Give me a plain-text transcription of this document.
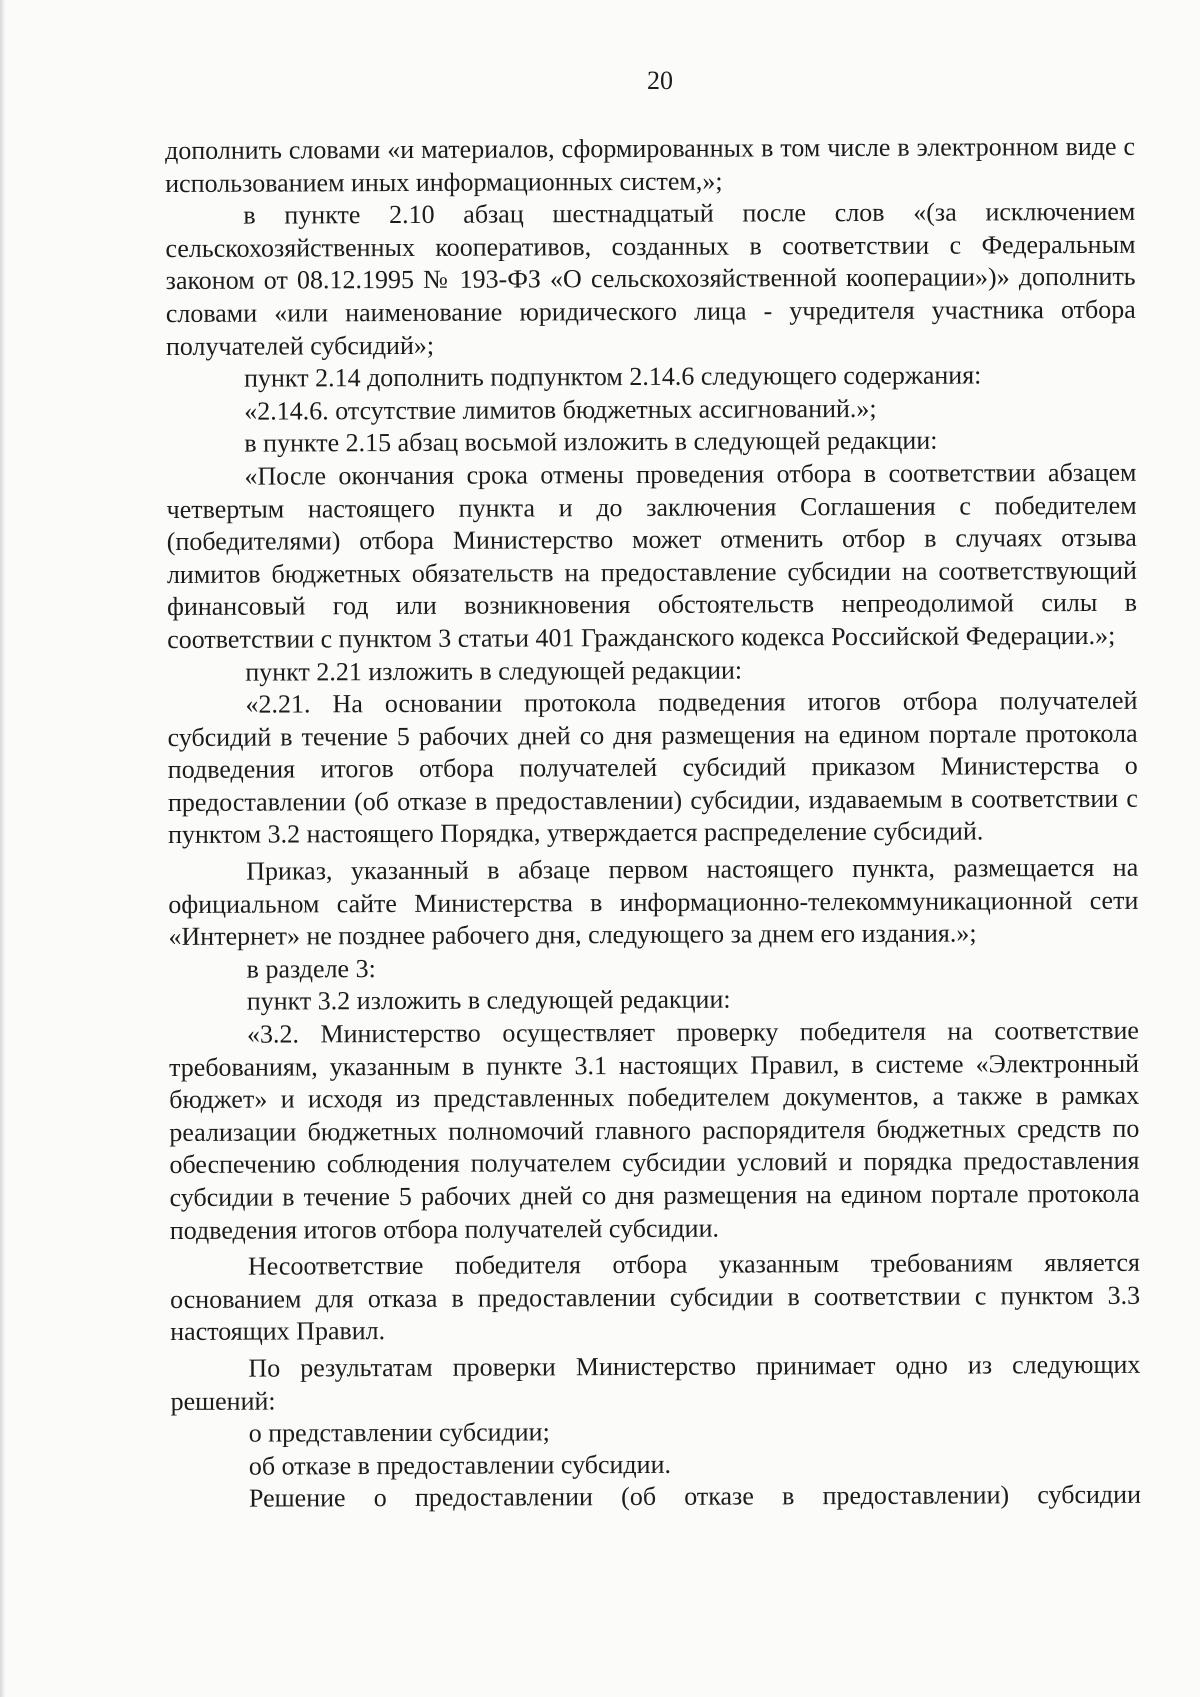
20

дополнить словами «и материалов, сформированных в том числе в электронном виде с использованием иных информационных систем,»;

в пункте 2.10 абзац шестнадцатый после слов «(за исключением сельскохозяйственных кооперативов, созданных в соответствии с Федеральным законом от 08.12.1995 № 193-ФЗ «О сельскохозяйственной кооперации»)» дополнить словами «или наименование юридического лица - учредителя участника отбора получателей субсидий»;

пункт 2.14 дополнить подпунктом 2.14.6 следующего содержания:

«2.14.6. отсутствие лимитов бюджетных ассигнований.»;

в пункте 2.15 абзац восьмой изложить в следующей редакции:

«После окончания срока отмены проведения отбора в соответствии абзацем четвертым настоящего пункта и до заключения Соглашения с победителем (победителями) отбора Министерство может отменить отбор в случаях отзыва лимитов бюджетных обязательств на предоставление субсидии на соответствующий финансовый год или возникновения обстоятельств непреодолимой силы в соответствии с пунктом 3 статьи 401 Гражданского кодекса Российской Федерации.»;

пункт 2.21 изложить в следующей редакции:

«2.21. На основании протокола подведения итогов отбора получателей субсидий в течение 5 рабочих дней со дня размещения на едином портале протокола подведения итогов отбора получателей субсидий приказом Министерства о предоставлении (об отказе в предоставлении) субсидии, издаваемым в соответствии с пунктом 3.2 настоящего Порядка, утверждается распределение субсидий.

Приказ, указанный в абзаце первом настоящего пункта, размещается на официальном сайте Министерства в информационно-телекоммуникационной сети «Интернет» не позднее рабочего дня, следующего за днем его издания.»;

в разделе 3:

пункт 3.2 изложить в следующей редакции:

«3.2. Министерство осуществляет проверку победителя на соответствие требованиям, указанным в пункте 3.1 настоящих Правил, в системе «Электронный бюджет» и исходя из представленных победителем документов, а также в рамках реализации бюджетных полномочий главного распорядителя бюджетных средств по обеспечению соблюдения получателем субсидии условий и порядка предоставления субсидии в течение 5 рабочих дней со дня размещения на едином портале протокола подведения итогов отбора получателей субсидии.

Несоответствие победителя отбора указанным требованиям является основанием для отказа в предоставлении субсидии в соответствии с пунктом 3.3 настоящих Правил.

По результатам проверки Министерство принимает одно из следующих решений:

о представлении субсидии;

об отказе в предоставлении субсидии.

Решение о предоставлении (об отказе в предоставлении) субсидии
